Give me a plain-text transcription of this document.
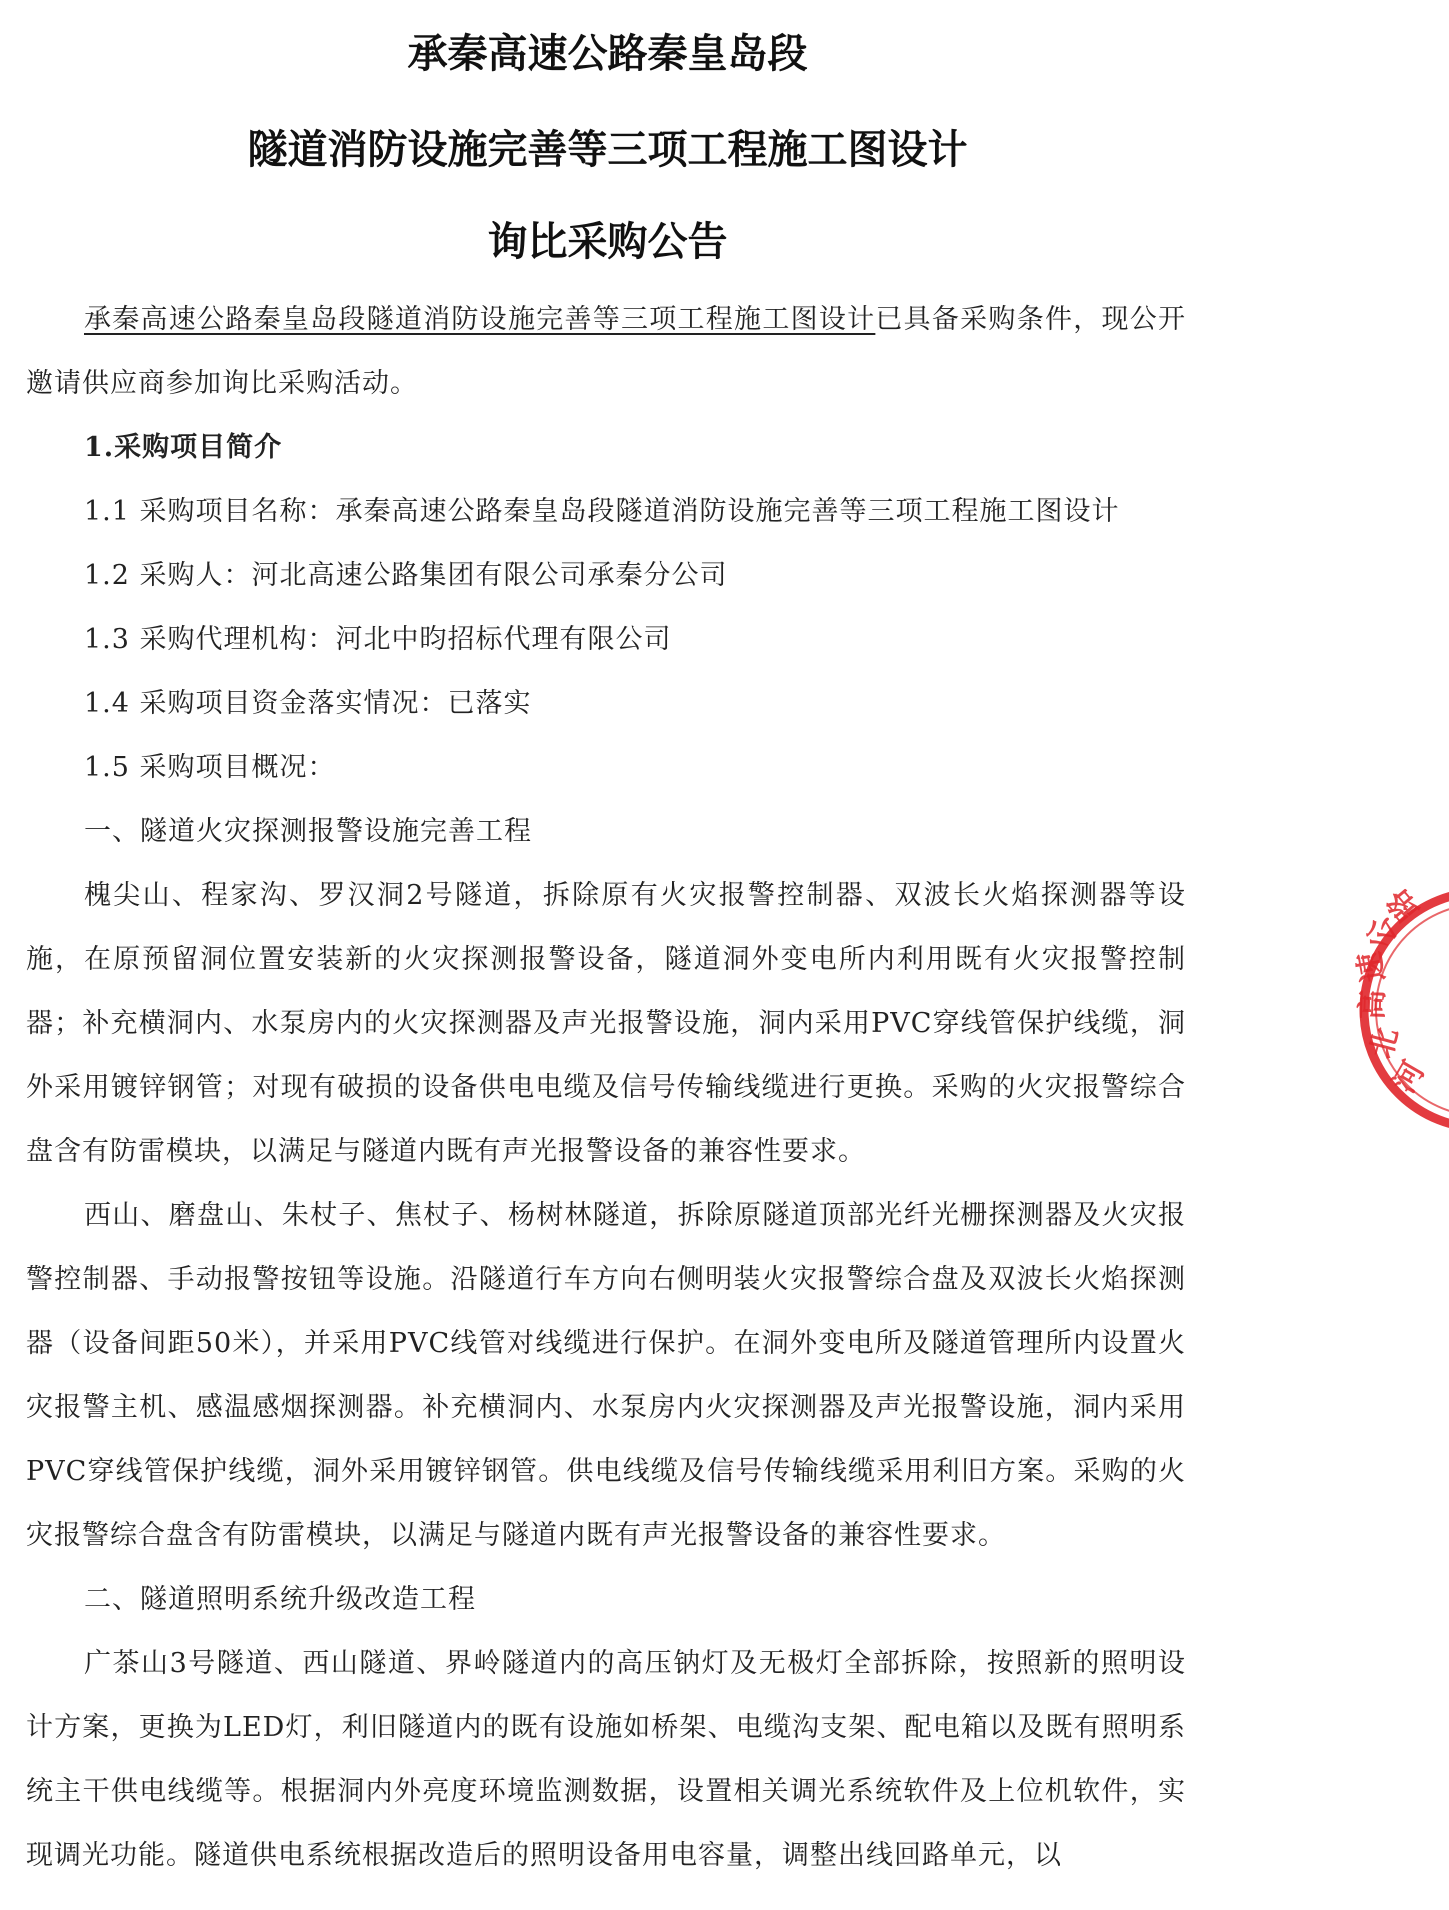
承秦高速公路秦皇岛段
隧道消防设施完善等三项工程施工图设计
询比采购公告

承秦高速公路秦皇岛段隧道消防设施完善等三项工程施工图设计已具备采购条件，现公开邀请供应商参加询比采购活动。

1.采购项目简介

1.1 采购项目名称：承秦高速公路秦皇岛段隧道消防设施完善等三项工程施工图设计

1.2 采购人：河北高速公路集团有限公司承秦分公司

1.3 采购代理机构：河北中昀招标代理有限公司

1.4 采购项目资金落实情况：已落实

1.5 采购项目概况：

一、隧道火灾探测报警设施完善工程

槐尖山、程家沟、罗汉洞2号隧道，拆除原有火灾报警控制器、双波长火焰探测器等设施，在原预留洞位置安装新的火灾探测报警设备，隧道洞外变电所内利用既有火灾报警控制器；补充横洞内、水泵房内的火灾探测器及声光报警设施，洞内采用PVC穿线管保护线缆，洞外采用镀锌钢管；对现有破损的设备供电电缆及信号传输线缆进行更换。采购的火灾报警综合盘含有防雷模块，以满足与隧道内既有声光报警设备的兼容性要求。

西山、磨盘山、朱杖子、焦杖子、杨树林隧道，拆除原隧道顶部光纤光栅探测器及火灾报警控制器、手动报警按钮等设施。沿隧道行车方向右侧明装火灾报警综合盘及双波长火焰探测器（设备间距50米），并采用PVC线管对线缆进行保护。在洞外变电所及隧道管理所内设置火灾报警主机、感温感烟探测器。补充横洞内、水泵房内火灾探测器及声光报警设施，洞内采用PVC穿线管保护线缆，洞外采用镀锌钢管。供电线缆及信号传输线缆采用利旧方案。采购的火灾报警综合盘含有防雷模块，以满足与隧道内既有声光报警设备的兼容性要求。

二、隧道照明系统升级改造工程

广茶山3号隧道、西山隧道、界岭隧道内的高压钠灯及无极灯全部拆除，按照新的照明设计方案，更换为LED灯，利旧隧道内的既有设施如桥架、电缆沟支架、配电箱以及既有照明系统主干供电线缆等。根据洞内外亮度环境监测数据，设置相关调光系统软件及上位机软件，实现调光功能。隧道供电系统根据改造后的照明设备用电容量，调整出线回路单元，以

河
北
高
速
公
路
